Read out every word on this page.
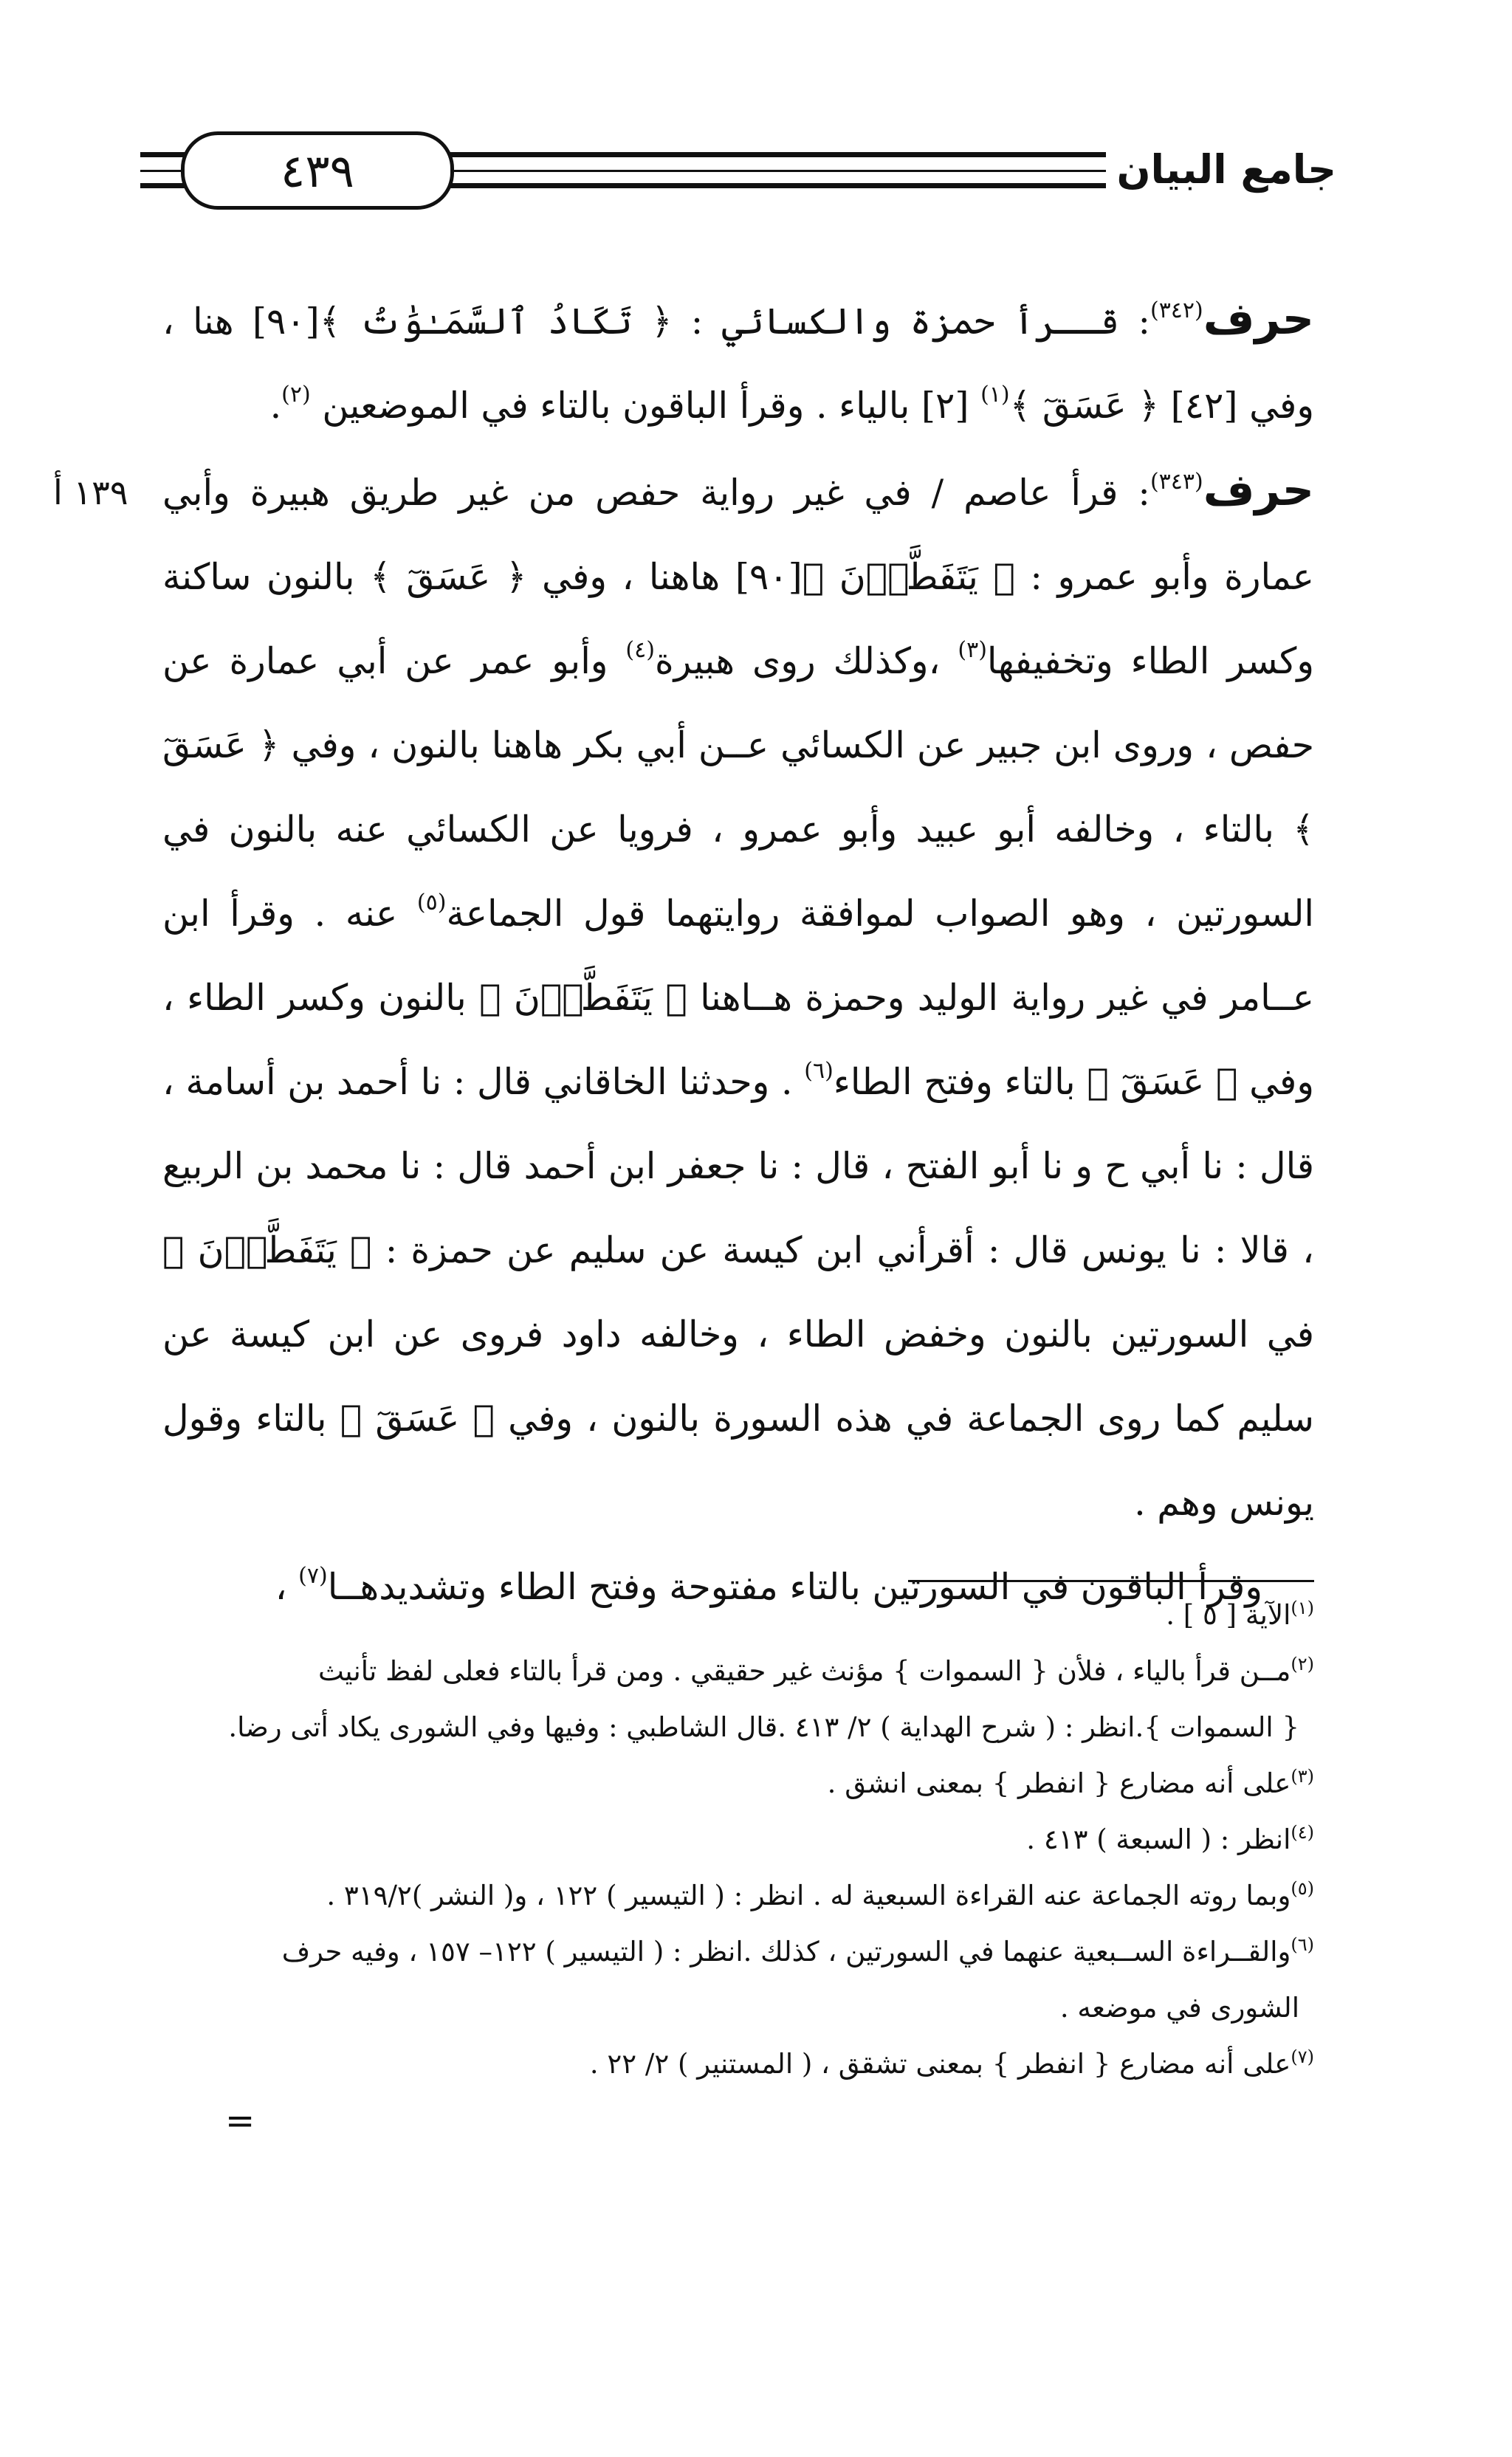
٤٣٩	جامع البيان
١٣٩ أ

حرف$^{(٣٤٢)}$: قــرأ حمزة والكسائي : ﴿ تَكَادُ ٱلسَّمَـٰوَٰتُ ﴾[٩٠] هنا ، وفي [٤٢] ﴿ عَسَقٓ ﴾$^{(١)}$ [٢] بالياء . وقرأ الباقون بالتاء في الموضعين $^{(٢)}$.

حرف$^{(٣٤٣)}$: قرأ عاصم / في غير رواية حفص من غير طريق هبيرة وأبي عمارة وأبو عمرو : ﴿ يَتَفَطَّرۡنَ ﴾[٩٠] هاهنا ، وفي ﴿ عَسَقٓ ﴾ بالنون ساكنة وكسر الطاء وتخفيفها$^{(٣)}$ ،وكذلك روى هبيرة$^{(٤)}$ وأبو عمر عن أبي عمارة عن حفص ، وروى ابن جبير عن الكسائي عــن أبي بكر هاهنا بالنون ، وفي ﴿ عَسَقٓ ﴾ بالتاء ، وخالفه أبو عبيد وأبو عمرو ، فرويا عن الكسائي عنه بالنون في السورتين ، وهو الصواب لموافقة روايتهما قول الجماعة$^{(٥)}$ عنه . وقرأ ابن عــامر في غير رواية الوليد وحمزة هــاهنا ﴿ يَتَفَطَّرۡنَ ﴾ بالنون وكسر الطاء ، وفي ﴿ عَسَقٓ ﴾ بالتاء وفتح الطاء$^{(٦)}$ . وحدثنا الخاقاني قال : نا أحمد بن أسامة ، قال : نا أبي ح و نا أبو الفتح ، قال : نا جعفر ابن أحمد قال : نا محمد بن الربيع ، قالا : نا يونس قال : أقرأني ابن كيسة عن سليم عن حمزة : ﴿ يَتَفَطَّرۡنَ ﴾ في السورتين بالنون وخفض الطاء ، وخالفه داود فروى عن ابن كيسة عن سليم كما روى الجماعة في هذه السورة بالنون ، وفي ﴿ عَسَقٓ ﴾ بالتاء وقول يونس وهم .

وقرأ الباقون في السورتين بالتاء مفتوحة وفتح الطاء وتشديدهــا$^{(٧)}$ ،	$^{(١)}$الآية [ ٥ ] .

$^{(٢)}$مــن قرأ بالياء ، فلأن { السموات } مؤنث غير حقيقي . ومن قرأ بالتاء فعلى لفظ تأنيث

{ السموات }.انظر : ( شرح الهداية ) ٢/ ٤١٣ .قال الشاطبي : وفيها وفي الشورى يكاد أتى رضا.

$^{(٣)}$على أنه مضارع { انفطر } بمعنى انشق .

$^{(٤)}$انظر : ( السبعة ) ٤١٣ .

$^{(٥)}$وبما روته الجماعة عنه القراءة السبعية له . انظر : ( التيسير ) ١٢٢ ، و( النشر )٣١٩/٢ .

$^{(٦)}$والقــراءة الســبعية عنهما في السورتين ، كذلك .انظر : ( التيسير ) ١٢٢– ١٥٧ ، وفيه حرف

الشورى في موضعه .

$^{(٧)}$على أنه مضارع { انفطر } بمعنى تشقق ، ( المستنير ) ٢/ ٢٢ .

=
